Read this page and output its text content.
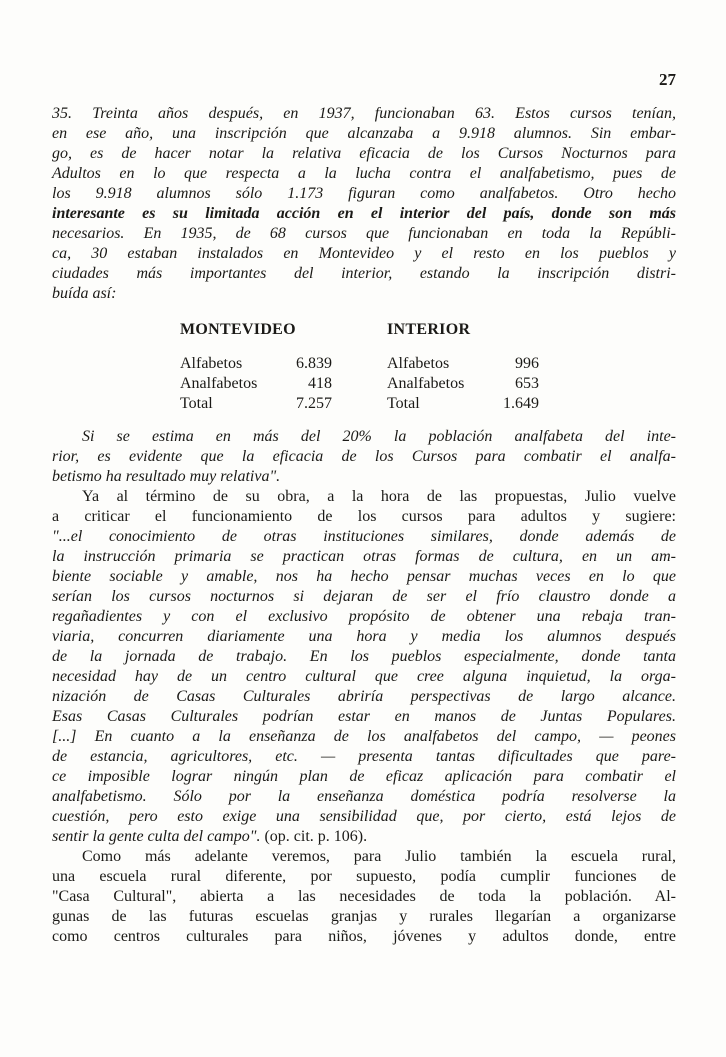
27
35. Treinta años después, en 1937, funcionaban 63. Estos cursos tenían,
en ese año, una inscripción que alcanzaba a 9.918 alumnos. Sin embar-
go, es de hacer notar la relativa eficacia de los Cursos Nocturnos para
Adultos en lo que respecta a la lucha contra el analfabetismo, pues de
los 9.918 alumnos sólo 1.173 figuran como analfabetos. Otro hecho
interesante es su limitada acción en el interior del país, donde son más
necesarios. En 1935, de 68 cursos que funcionaban en toda la Repúbli-
ca, 30 estaban instalados en Montevideo y el resto en los pueblos y
ciudades más importantes del interior, estando la inscripción distri-
buída así:
MONTEVIDEO
Alfabetos	6.839
Analfabetos	418
Total	7.257
INTERIOR
Alfabetos	996
Analfabetos	653
Total	1.649
Si se estima en más del 20% la población analfabeta del inte-
rior, es evidente que la eficacia de los Cursos para combatir el analfa-
betismo ha resultado muy relativa".
Ya al término de su obra, a la hora de las propuestas, Julio vuelve
a criticar el funcionamiento de los cursos para adultos y sugiere:
"...el conocimiento de otras instituciones similares, donde además de
la instrucción primaria se practican otras formas de cultura, en un am-
biente sociable y amable, nos ha hecho pensar muchas veces en lo que
serían los cursos nocturnos si dejaran de ser el frío claustro donde a
regañadientes y con el exclusivo propósito de obtener una rebaja tran-
viaria, concurren diariamente una hora y media los alumnos después
de la jornada de trabajo. En los pueblos especialmente, donde tanta
necesidad hay de un centro cultural que cree alguna inquietud, la orga-
nización de Casas Culturales abriría perspectivas de largo alcance.
Esas Casas Culturales podrían estar en manos de Juntas Populares.
[...] En cuanto a la enseñanza de los analfabetos del campo, — peones
de estancia, agricultores, etc. — presenta tantas dificultades que pare-
ce imposible lograr ningún plan de eficaz aplicación para combatir el
analfabetismo. Sólo por la enseñanza doméstica podría resolverse la
cuestión, pero esto exige una sensibilidad que, por cierto, está lejos de
sentir la gente culta del campo". (op. cit. p. 106).
Como más adelante veremos, para Julio también la escuela rural,
una escuela rural diferente, por supuesto, podía cumplir funciones de
"Casa Cultural", abierta a las necesidades de toda la población. Al-
gunas de las futuras escuelas granjas y rurales llegarían a organizarse
como centros culturales para niños, jóvenes y adultos donde, entre
